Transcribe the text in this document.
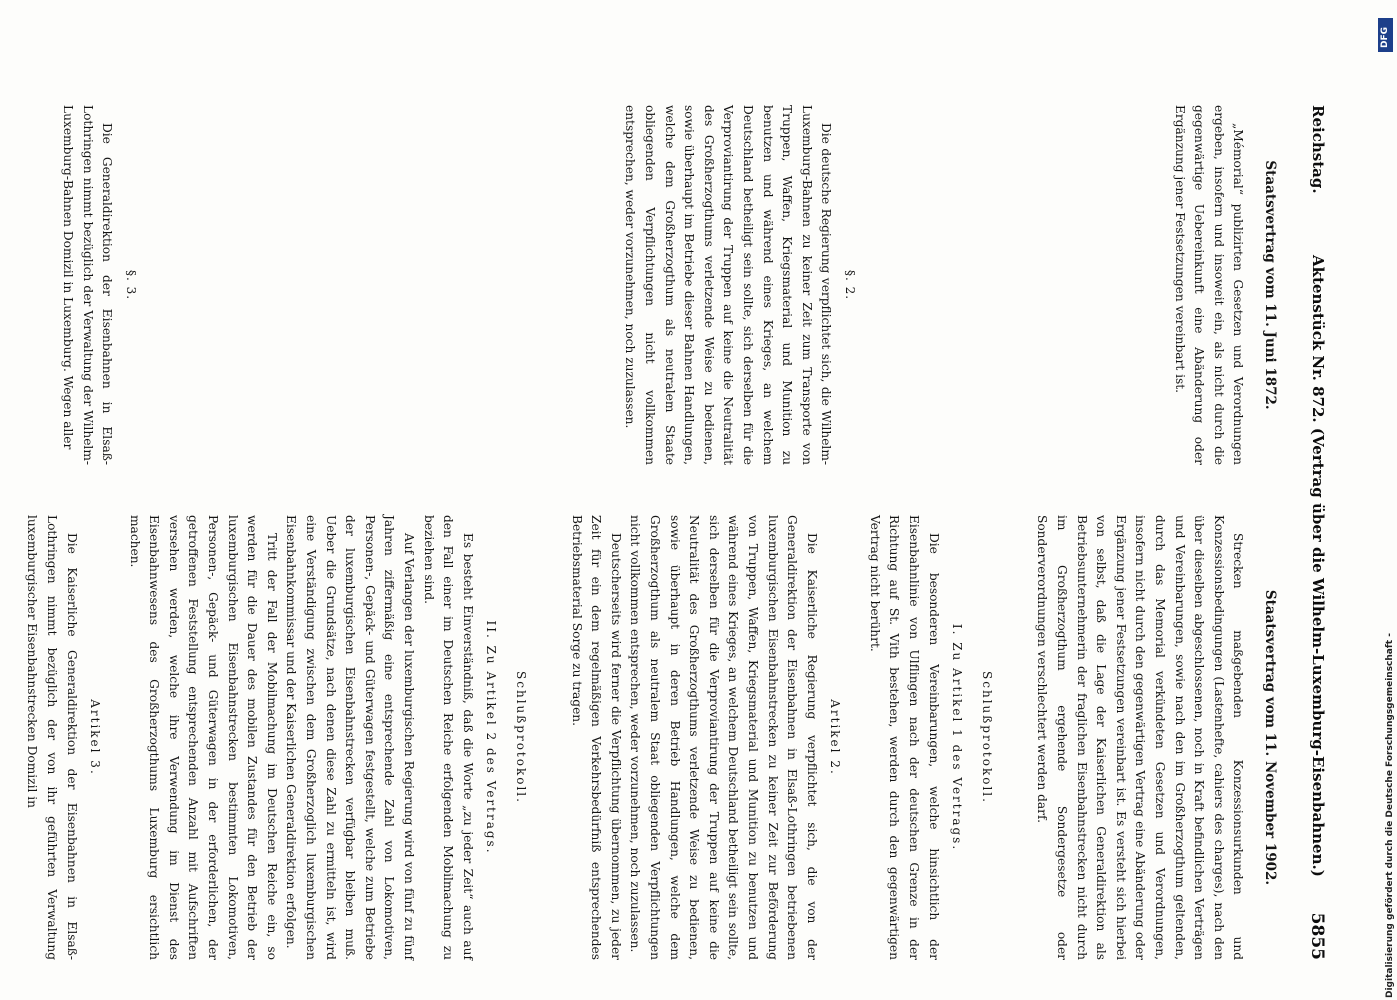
Reichstag.
Aktenstück Nr. 872. (Vertrag über die Wilhelm-Luxemburg-Eisenbahnen.)
5855
Staatsvertrag vom 11. Juni 1872.

„Mémorial“ publizirten Gesetzen und Verordnungen ergeben, insofern und insoweit ein, als nicht durch die gegenwärtige Uebereinkunft eine Abänderung oder Ergänzung jener Festsetzungen vereinbart ist.

§. 2.

Die deutsche Regierung verpflichtet sich, die Wilhelm-Luxemburg-Bahnen zu keiner Zeit zum Transporte von Truppen, Waffen, Kriegsmaterial und Munition zu benutzen und während eines Krieges, an welchem Deutschland betheiligt sein sollte, sich derselben für die Verproviantirung der Truppen auf keine die Neutralität des Großherzogthums verletzende Weise zu bedienen, sowie überhaupt im Betriebe dieser Bahnen Handlungen, welche dem Großherzogthum als neutralem Staate obliegenden Verpflichtungen nicht vollkommen entsprechen, weder vorzunehmen, noch zuzulassen.

§. 3.

Die Generaldirektion der Eisenbahnen in Elsaß-Lothringen nimmt bezüglich der Verwaltung der Wilhelm-Luxemburg-Bahnen Domizil in Luxemburg. Wegen aller

Staatsvertrag vom 11. November 1902.

Strecken maßgebenden Konzessionsurkunden und Konzessionsbedingungen (Lastenhefte, cahiers des charges), nach den über dieselben abgeschlossenen, noch in Kraft befindlichen Verträgen und Vereinbarungen, sowie nach den im Großherzogthum geltenden, durch das Memorial verkündeten Gesetzen und Verordnungen, insofern nicht durch den gegenwärtigen Vertrag eine Abänderung oder Ergänzung jener Festsetzungen vereinbart ist. Es versteht sich hierbei von selbst, daß die Lage der Kaiserlichen Generaldirektion als Betriebsunternehmerin der fraglichen Eisenbahnstrecken nicht durch im Großherzogthum ergehende Sondergesetze oder Sonderverordnungen verschlechtert werden darf.

Schlußprotokoll.
I. Zu Artikel 1 des Vertrags.

Die besonderen Vereinbarungen, welche hinsichtlich der Eisenbahnlinie von Ulflingen nach der deutschen Grenze in der Richtung auf St. Vith bestehen, werden durch den gegenwärtigen Vertrag nicht berührt.

Artikel 2.

Die Kaiserliche Regierung verpflichtet sich, die von der Generaldirektion der Eisenbahnen in Elsaß-Lothringen betriebenen luxemburgischen Eisenbahnstrecken zu keiner Zeit zur Beförderung von Truppen, Waffen, Kriegsmaterial und Munition zu benutzen und während eines Krieges, an welchem Deutschland betheiligt sein sollte, sich derselben für die Verproviantirung der Truppen auf keine die Neutralität des Großherzogthums verletzende Weise zu bedienen, sowie überhaupt in deren Betrieb Handlungen, welche dem Großherzogthum als neutralem Staat obliegenden Verpflichtungen nicht vollkommen entsprechen, weder vorzunehmen, noch zuzulassen.

Deutscherseits wird ferner die Verpflichtung übernommen, zu jeder Zeit für ein dem regelmäßigen Verkehrsbedürfniß entsprechendes Betriebsmaterial Sorge zu tragen.

Schlußprotokoll.
II. Zu Artikel 2 des Vertrags.

Es besteht Einverständniß, daß die Worte „zu jeder Zeit“ auch auf den Fall einer im Deutschen Reiche erfolgenden Mobilmachung zu beziehen sind.

Auf Verlangen der luxemburgischen Regierung wird von fünf zu fünf Jahren ziffermäßig eine entsprechende Zahl von Lokomotiven, Personen-, Gepäck- und Güterwagen festgestellt, welche zum Betriebe der luxemburgischen Eisenbahnstrecken verfügbar bleiben muß. Ueber die Grundsätze, nach denen diese Zahl zu ermitteln ist, wird eine Verständigung zwischen dem Großherzoglich luxemburgischen Eisenbahnkommissar und der Kaiserlichen Generaldirektion erfolgen.

Tritt der Fall der Mobilmachung im Deutschen Reiche ein, so werden für die Dauer des mobilen Zustandes für den Betrieb der luxemburgischen Eisenbahnstrecken bestimmten Lokomotiven, Personen-, Gepäck- und Güterwagen in der erforderlichen, der getroffenen Feststellung entsprechenden Anzahl mit Aufschriften versehen werden, welche ihre Verwendung im Dienst des Eisenbahnwesens des Großherzogthums Luxemburg ersichtlich machen.

Artikel 3.

Die Kaiserliche Generaldirektion der Eisenbahnen in Elsaß-Lothringen nimmt bezüglich der von ihr geführten Verwaltung luxemburgischer Eisenbahnstrecken Domizil in

DFG
Digitalisierung gefördert durch die Deutsche Forschungsgemeinschaft -
